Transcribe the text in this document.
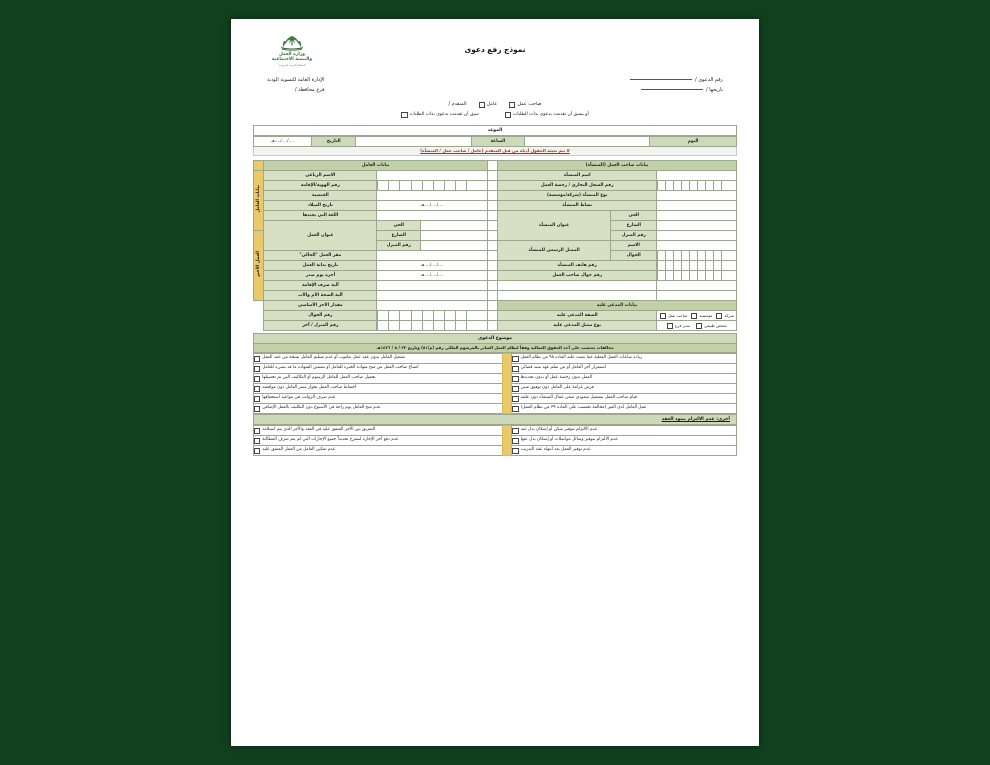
وزارة العمل
والتنمية الاجتماعية
المملكة العربية السعودية
نموذج رفع دعوى
الإدارة العامة للتسوية الودية
فرع محافظة /
رقم الدعوى /
تاريخها /
المتقدم /	عامل	صاحب عمل
سبق أن تقدمت بدعوى بذات الطلبات	أو يسبق أن تقدمت بدعوى بذات الطلبات
الموعد
اليوم		الساعة		التاريخ	..../..../....هـ
لا يتم تعبئة الحقول أدناه من قبل المتقدم (عامل / صاحب عمل / المنشأة)
بيانات صاحب العمل (المنشأة)				بيانات العامل			
	اسم المنشأة					الاسم الرباعي	بيانات العامل

	رقم السجل التجاري / رخصة العمل					رقم الهوية/الإقامة	
	نوع المنشأة (شركة/مؤسسة)					الجنسية	
	نشاط المنشأة			..../..../....هـ		تاريخ الميلاد	
	الحي	عنوان المنشأة				اللغة التي يجيدها	
	الشارع				الحي	عنوان العمل	
	رقم المنزل				الشارع		العمل الأخير
	الاسم	الممثل الرسمي للمنشأة			رقم المنزل		

	الجوال					مقر العمل "الحالي"	

	رقم هاتف المنشأة			..../..../....هـ		تاريخ بداية العمل	

	رقم جوال صاحب العمل			..../..../....هـ		أجره يوم صدر	
						آلية صرف الإقامة	
						آلية الصحة الأم والأب	
بيانات المدعى عليه						مقدار الأجر الأساسي	

صاحب عمل مؤسسة شركة	الصفة المدعى عليه					رقم الجوال	

مدير فرع شخص طبيعي	نوع ممثل المدعى عليه					رقم المنزل / آخر	
موضوع الدعوى
مخالفات تحتسب على أحد الحقوق العمالية وفقاً لنظام العمل الصادر بالمرسوم الملكي رقم (م/٥١) وتاريخ ٢٣ / ٨ / ١٤٢٦هـ
زيادة ساعات العمل الفعلية عما نصت عليه المادة ٩٨ من نظام العمل		تشغيل العامل بدون عقد عمل مكتوب أو عدم تسليم العامل نسخة من عقد العمل

استمرار أجر العامل أو من سلم عهد سند قضائي		امتناع صاحب العمل من منح شهادة الخبرة للعامل أو تضمين الشهادة ما قد يسيء للعامل

العمل بدون رخصة عمل أو بدون تجديدها		تحميل صاحب العمل للعامل الرسوم أو التكاليف التي تم تحصيلها

فرض غرامة على العامل دون توفيق مبني		احتفاظ صاحب العمل بجواز سفر العامل دون موافقته

قيام صاحب العمل بتشغيل سعودي ضمن عمال المنشأة دون علمه		عدم صرف الرواتب في مواعيد استحقاقها

عمل العامل لدى الغير (مخالفة تحتسب على المادة ٣٩ من نظام العمل)		عدم منح العامل يوم راحة في الأسبوع دون التكليف بالعمل الإضافي
أخرى: عدم الالتزام ببنود العقد
عدم الالتزام بتوفير سكن أو إسكان بدل عنه		التفريق بين الأجر المتفق عليه في العقد والأجر الذي يتم استلامه

عدم الالتزام بتوفير وسائل مواصلات أو إسكان بدل عنها		عدم دفع أجر الإجازة لنشرح تحديداً جميع الإجازات التي لم يتم صرف المطالبة

عدم توفير العمل بعد انتهاء عقد التدريب		عدم تمكين العامل من العمل المتفق عليه
